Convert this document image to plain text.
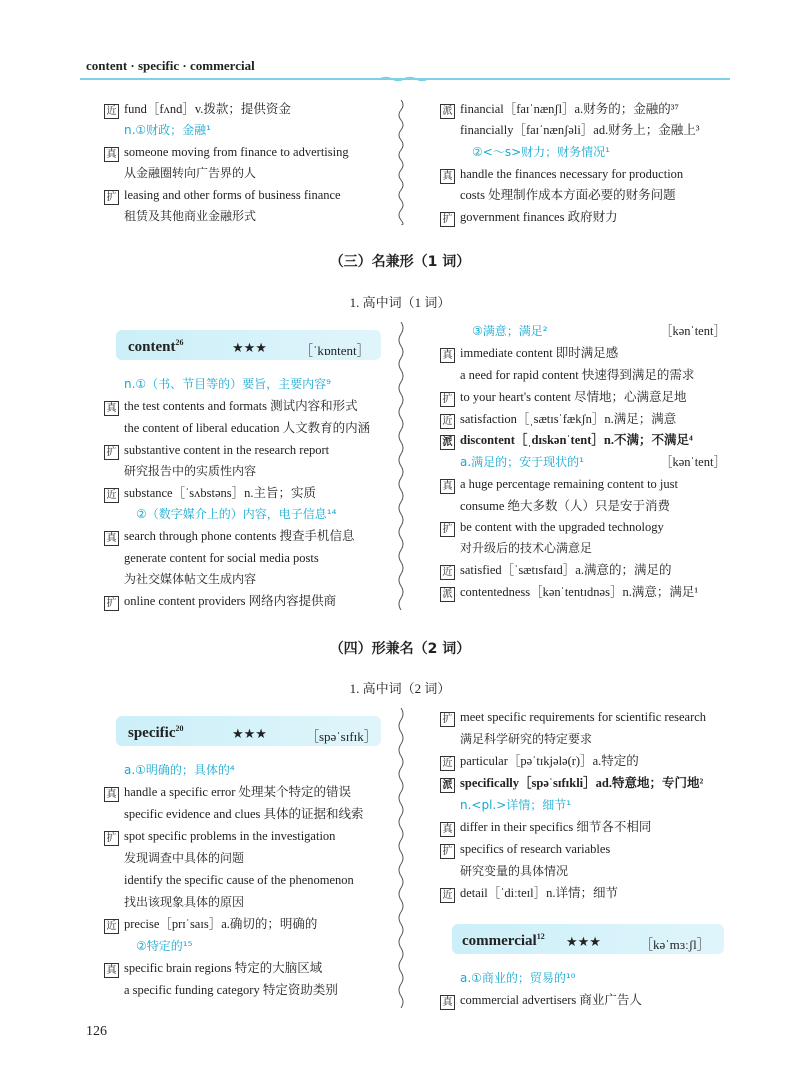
content · specific · commercial
近 fund［fʌnd］v.拨款；提供资金
n.①财政；金融¹
真 someone moving from finance to advertising
从金融圈转向广告界的人
扩 leasing and other forms of business finance
租赁及其他商业金融形式
派 financial［faɪˈnænʃl］a.财务的；金融的³⁷
financially［faɪˈnænʃəli］ad.财务上；金融上³
②<～s>财力；财务情况¹
真 handle the finances necessary for production
costs 处理制作成本方面必要的财务问题
扩 government finances 政府财力
（三）名兼形（1 词）
1. 高中词（1 词）
content$^{26}$	★★★	［ˈkɒntent］
n.①（书、节目等的）要旨，主要内容⁹
真 the test contents and formats 测试内容和形式
the content of liberal education 人文教育的内涵
扩 substantive content in the research report
研究报告中的实质性内容
近 substance［ˈsʌbstəns］n.主旨；实质
②（数字媒介上的）内容，电子信息¹⁴
真 search through phone contents 搜查手机信息
generate content for social media posts
为社交媒体帖文生成内容
扩 online content providers 网络内容提供商
③满意；满足²	［kənˈtent］
真 immediate content 即时满足感
a need for rapid content 快速得到满足的需求
扩 to your heart's content 尽情地；心满意足地
近 satisfaction［ˌsætɪsˈfækʃn］n.满足；满意
派 discontent［ˌdɪskənˈtent］n.不满；不满足⁴
a.满足的；安于现状的¹	［kənˈtent］
真 a huge percentage remaining content to just
consume 绝大多数（人）只是安于消费
扩 be content with the upgraded technology
对升级后的技术心满意足
近 satisfied［ˈsætɪsfaɪd］a.满意的；满足的
派 contentedness［kənˈtentɪdnəs］n.满意；满足¹
（四）形兼名（2 词）
1. 高中词（2 词）
specific$^{20}$	★★★	［spəˈsɪfɪk］
a.①明确的；具体的⁴
真 handle a specific error 处理某个特定的错误
specific evidence and clues 具体的证据和线索
扩 spot specific problems in the investigation
发现调查中具体的问题
identify the specific cause of the phenomenon
找出该现象具体的原因
近 precise［prɪˈsaɪs］a.确切的；明确的
②特定的¹⁵
真 specific brain regions 特定的大脑区域
a specific funding category 特定资助类别
扩 meet specific requirements for scientific research
满足科学研究的特定要求
近 particular［pəˈtɪkjələ(r)］a.特定的
派 specifically［spəˈsɪfɪkli］ad.特意地；专门地²
n.<pl.>详情；细节¹
真 differ in their specifics 细节各不相同
扩 specifics of research variables
研究变量的具体情况
近 detail［ˈdiːteɪl］n.详情；细节
commercial$^{12}$ ★★★	［kəˈmɜːʃl］
a.①商业的；贸易的¹⁰
真 commercial advertisers 商业广告人
126
